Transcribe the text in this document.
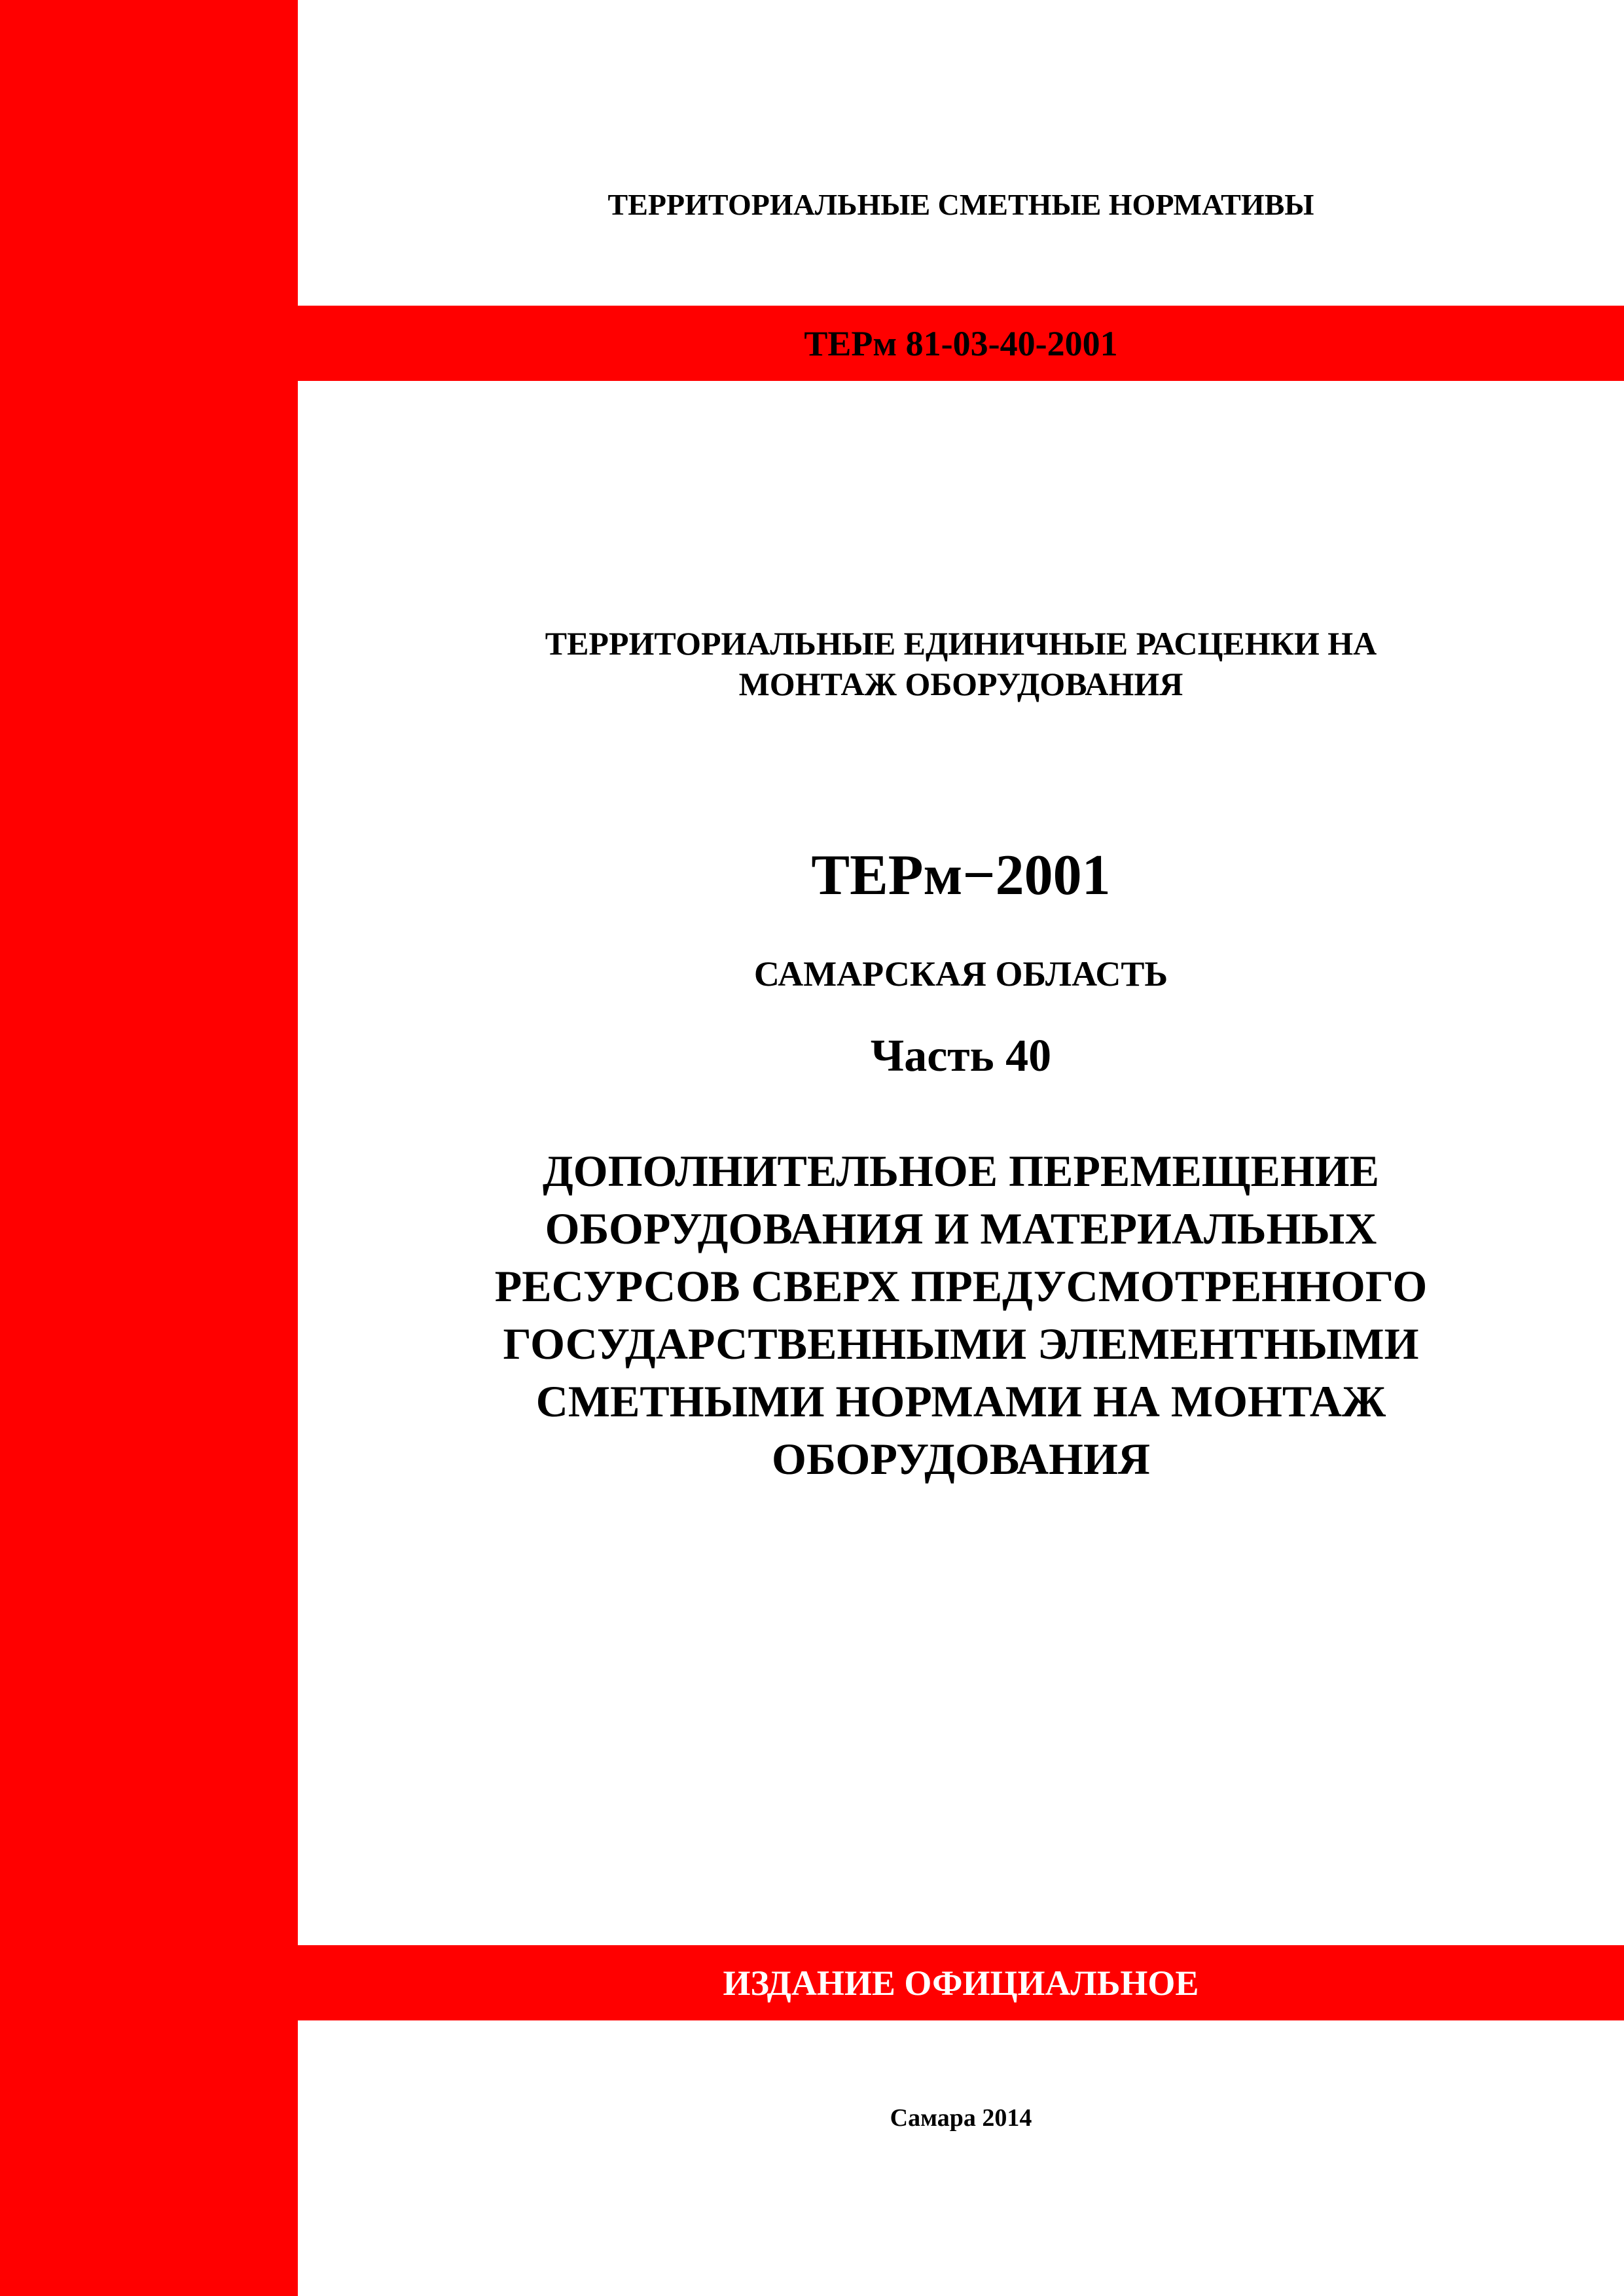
ТЕРРИТОРИАЛЬНЫЕ СМЕТНЫЕ НОРМАТИВЫ

ТЕРм 81-03-40-2001

ТЕРРИТОРИАЛЬНЫЕ ЕДИНИЧНЫЕ РАСЦЕНКИ НА
МОНТАЖ ОБОРУДОВАНИЯ

ТЕРм−2001

САМАРСКАЯ ОБЛАСТЬ

Часть 40

ДОПОЛНИТЕЛЬНОЕ ПЕРЕМЕЩЕНИЕ
ОБОРУДОВАНИЯ И МАТЕРИАЛЬНЫХ
РЕСУРСОВ СВЕРХ ПРЕДУСМОТРЕННОГО
ГОСУДАРСТВЕННЫМИ ЭЛЕМЕНТНЫМИ
СМЕТНЫМИ НОРМАМИ НА МОНТАЖ
ОБОРУДОВАНИЯ

ИЗДАНИЕ ОФИЦИАЛЬНОЕ

Самара 2014
